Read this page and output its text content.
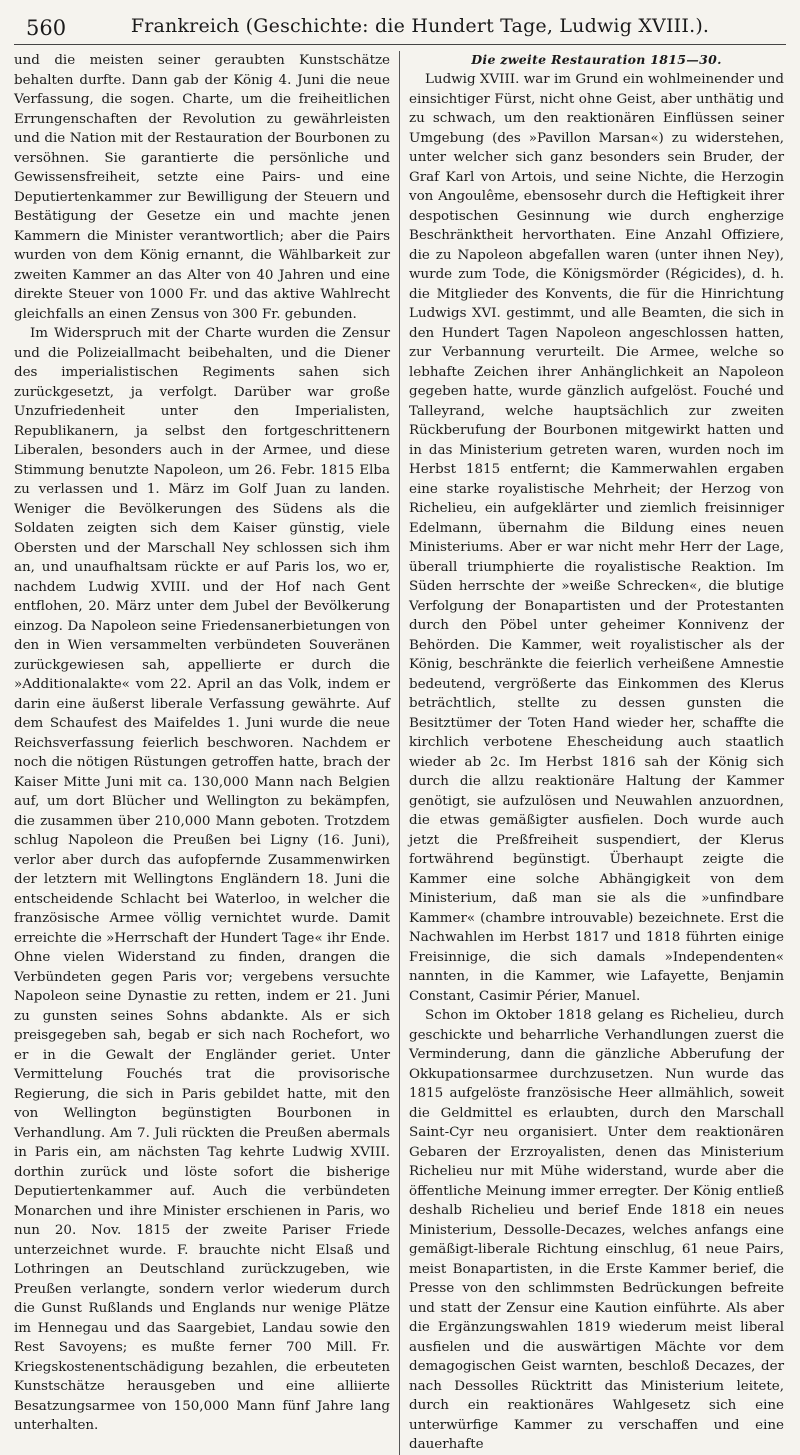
560	Frankreich (Geschichte: die Hundert Tage, Ludwig XVIII.).

und die meisten seiner geraubten Kunstschätze behalten durfte. Dann gab der König 4. Juni die neue Verfassung, die sogen. Charte, um die freiheitlichen Errungenschaften der Revolution zu gewährleisten und die Nation mit der Restauration der Bourbonen zu versöhnen. Sie garantierte die persönliche und Gewissensfreiheit, setzte eine Pairs- und eine Deputiertenkammer zur Bewilligung der Steuern und Bestätigung der Gesetze ein und machte jenen Kammern die Minister verantwortlich; aber die Pairs wurden von dem König ernannt, die Wählbarkeit zur zweiten Kammer an das Alter von 40 Jahren und eine direkte Steuer von 1000 Fr. und das aktive Wahlrecht gleichfalls an einen Zensus von 300 Fr. gebunden.

Im Widerspruch mit der Charte wurden die Zensur und die Polizeiallmacht beibehalten, und die Diener des imperialistischen Regiments sahen sich zurückgesetzt, ja verfolgt. Darüber war große Unzufriedenheit unter den Imperialisten, Republikanern, ja selbst den fortgeschrittenern Liberalen, besonders auch in der Armee, und diese Stimmung benutzte Napoleon, um 26. Febr. 1815 Elba zu verlassen und 1. März im Golf Juan zu landen. Weniger die Bevölkerungen des Südens als die Soldaten zeigten sich dem Kaiser günstig, viele Obersten und der Marschall Ney schlossen sich ihm an, und unaufhaltsam rückte er auf Paris los, wo er, nachdem Ludwig XVIII. und der Hof nach Gent entflohen, 20. März unter dem Jubel der Bevölkerung einzog. Da Napoleon seine Friedensanerbietungen von den in Wien versammelten verbündeten Souveränen zurückgewiesen sah, appellierte er durch die »Additionalakte« vom 22. April an das Volk, indem er darin eine äußerst liberale Verfassung gewährte. Auf dem Schaufest des Maifeldes 1. Juni wurde die neue Reichsverfassung feierlich beschworen. Nachdem er noch die nötigen Rüstungen getroffen hatte, brach der Kaiser Mitte Juni mit ca. 130,000 Mann nach Belgien auf, um dort Blücher und Wellington zu bekämpfen, die zusammen über 210,000 Mann geboten. Trotzdem schlug Napoleon die Preußen bei Ligny (16. Juni), verlor aber durch das aufopfernde Zusammenwirken der letztern mit Wellingtons Engländern 18. Juni die entscheidende Schlacht bei Waterloo, in welcher die französische Armee völlig vernichtet wurde. Damit erreichte die »Herrschaft der Hundert Tage« ihr Ende. Ohne vielen Widerstand zu finden, drangen die Verbündeten gegen Paris vor; vergebens versuchte Napoleon seine Dynastie zu retten, indem er 21. Juni zu gunsten seines Sohns abdankte. Als er sich preisgegeben sah, begab er sich nach Rochefort, wo er in die Gewalt der Engländer geriet. Unter Vermittelung Fouchés trat die provisorische Regierung, die sich in Paris gebildet hatte, mit den von Wellington begünstigten Bourbonen in Verhandlung. Am 7. Juli rückten die Preußen abermals in Paris ein, am nächsten Tag kehrte Ludwig XVIII. dorthin zurück und löste sofort die bisherige Deputiertenkammer auf. Auch die verbündeten Monarchen und ihre Minister erschienen in Paris, wo nun 20. Nov. 1815 der zweite Pariser Friede unterzeichnet wurde. F. brauchte nicht Elsaß und Lothringen an Deutschland zurückzugeben, wie Preußen verlangte, sondern verlor wiederum durch die Gunst Rußlands und Englands nur wenige Plätze im Hennegau und das Saargebiet, Landau sowie den Rest Savoyens; es mußte ferner 700 Mill. Fr. Kriegskostenentschädigung bezahlen, die erbeuteten Kunstschätze herausgeben und eine alliierte Besatzungsarmee von 150,000 Mann fünf Jahre lang unterhalten.

Die zweite Restauration 1815—30.

Ludwig XVIII. war im Grund ein wohlmeinender und einsichtiger Fürst, nicht ohne Geist, aber unthätig und zu schwach, um den reaktionären Einflüssen seiner Umgebung (des »Pavillon Marsan«) zu widerstehen, unter welcher sich ganz besonders sein Bruder, der Graf Karl von Artois, und seine Nichte, die Herzogin von Angoulême, ebensosehr durch die Heftigkeit ihrer despotischen Gesinnung wie durch engherzige Beschränktheit hervorthaten. Eine Anzahl Offiziere, die zu Napoleon abgefallen waren (unter ihnen Ney), wurde zum Tode, die Königsmörder (Régicides), d. h. die Mitglieder des Konvents, die für die Hinrichtung Ludwigs XVI. gestimmt, und alle Beamten, die sich in den Hundert Tagen Napoleon angeschlossen hatten, zur Verbannung verurteilt. Die Armee, welche so lebhafte Zeichen ihrer Anhänglichkeit an Napoleon gegeben hatte, wurde gänzlich aufgelöst. Fouché und Talleyrand, welche hauptsächlich zur zweiten Rückberufung der Bourbonen mitgewirkt hatten und in das Ministerium getreten waren, wurden noch im Herbst 1815 entfernt; die Kammerwahlen ergaben eine starke royalistische Mehrheit; der Herzog von Richelieu, ein aufgeklärter und ziemlich freisinniger Edelmann, übernahm die Bildung eines neuen Ministeriums. Aber er war nicht mehr Herr der Lage, überall triumphierte die royalistische Reaktion. Im Süden herrschte der »weiße Schrecken«, die blutige Verfolgung der Bonapartisten und der Protestanten durch den Pöbel unter geheimer Konnivenz der Behörden. Die Kammer, weit royalistischer als der König, beschränkte die feierlich verheißene Amnestie bedeutend, vergrößerte das Einkommen des Klerus beträchtlich, stellte zu dessen gunsten die Besitztümer der Toten Hand wieder her, schaffte die kirchlich verbotene Ehescheidung auch staatlich wieder ab 2c. Im Herbst 1816 sah der König sich durch die allzu reaktionäre Haltung der Kammer genötigt, sie aufzulösen und Neuwahlen anzuordnen, die etwas gemäßigter ausfielen. Doch wurde auch jetzt die Preßfreiheit suspendiert, der Klerus fortwährend begünstigt. Überhaupt zeigte die Kammer eine solche Abhängigkeit von dem Ministerium, daß man sie als die »unfindbare Kammer« (chambre introuvable) bezeichnete. Erst die Nachwahlen im Herbst 1817 und 1818 führten einige Freisinnige, die sich damals »Independenten« nannten, in die Kammer, wie Lafayette, Benjamin Constant, Casimir Périer, Manuel.

Schon im Oktober 1818 gelang es Richelieu, durch geschickte und beharrliche Verhandlungen zuerst die Verminderung, dann die gänzliche Abberufung der Okkupationsarmee durchzusetzen. Nun wurde das 1815 aufgelöste französische Heer allmählich, soweit die Geldmittel es erlaubten, durch den Marschall Saint-Cyr neu organisiert. Unter dem reaktionären Gebaren der Erzroyalisten, denen das Ministerium Richelieu nur mit Mühe widerstand, wurde aber die öffentliche Meinung immer erregter. Der König entließ deshalb Richelieu und berief Ende 1818 ein neues Ministerium, Dessolle-Decazes, welches anfangs eine gemäßigt-liberale Richtung einschlug, 61 neue Pairs, meist Bonapartisten, in die Erste Kammer berief, die Presse von den schlimmsten Bedrückungen befreite und statt der Zensur eine Kaution einführte. Als aber die Ergänzungswahlen 1819 wiederum meist liberal ausfielen und die auswärtigen Mächte vor dem demagogischen Geist warnten, beschloß Decazes, der nach Dessolles Rücktritt das Ministerium leitete, durch ein reaktionäres Wahlgesetz sich eine unterwürfige Kammer zu verschaffen und eine dauerhafte
